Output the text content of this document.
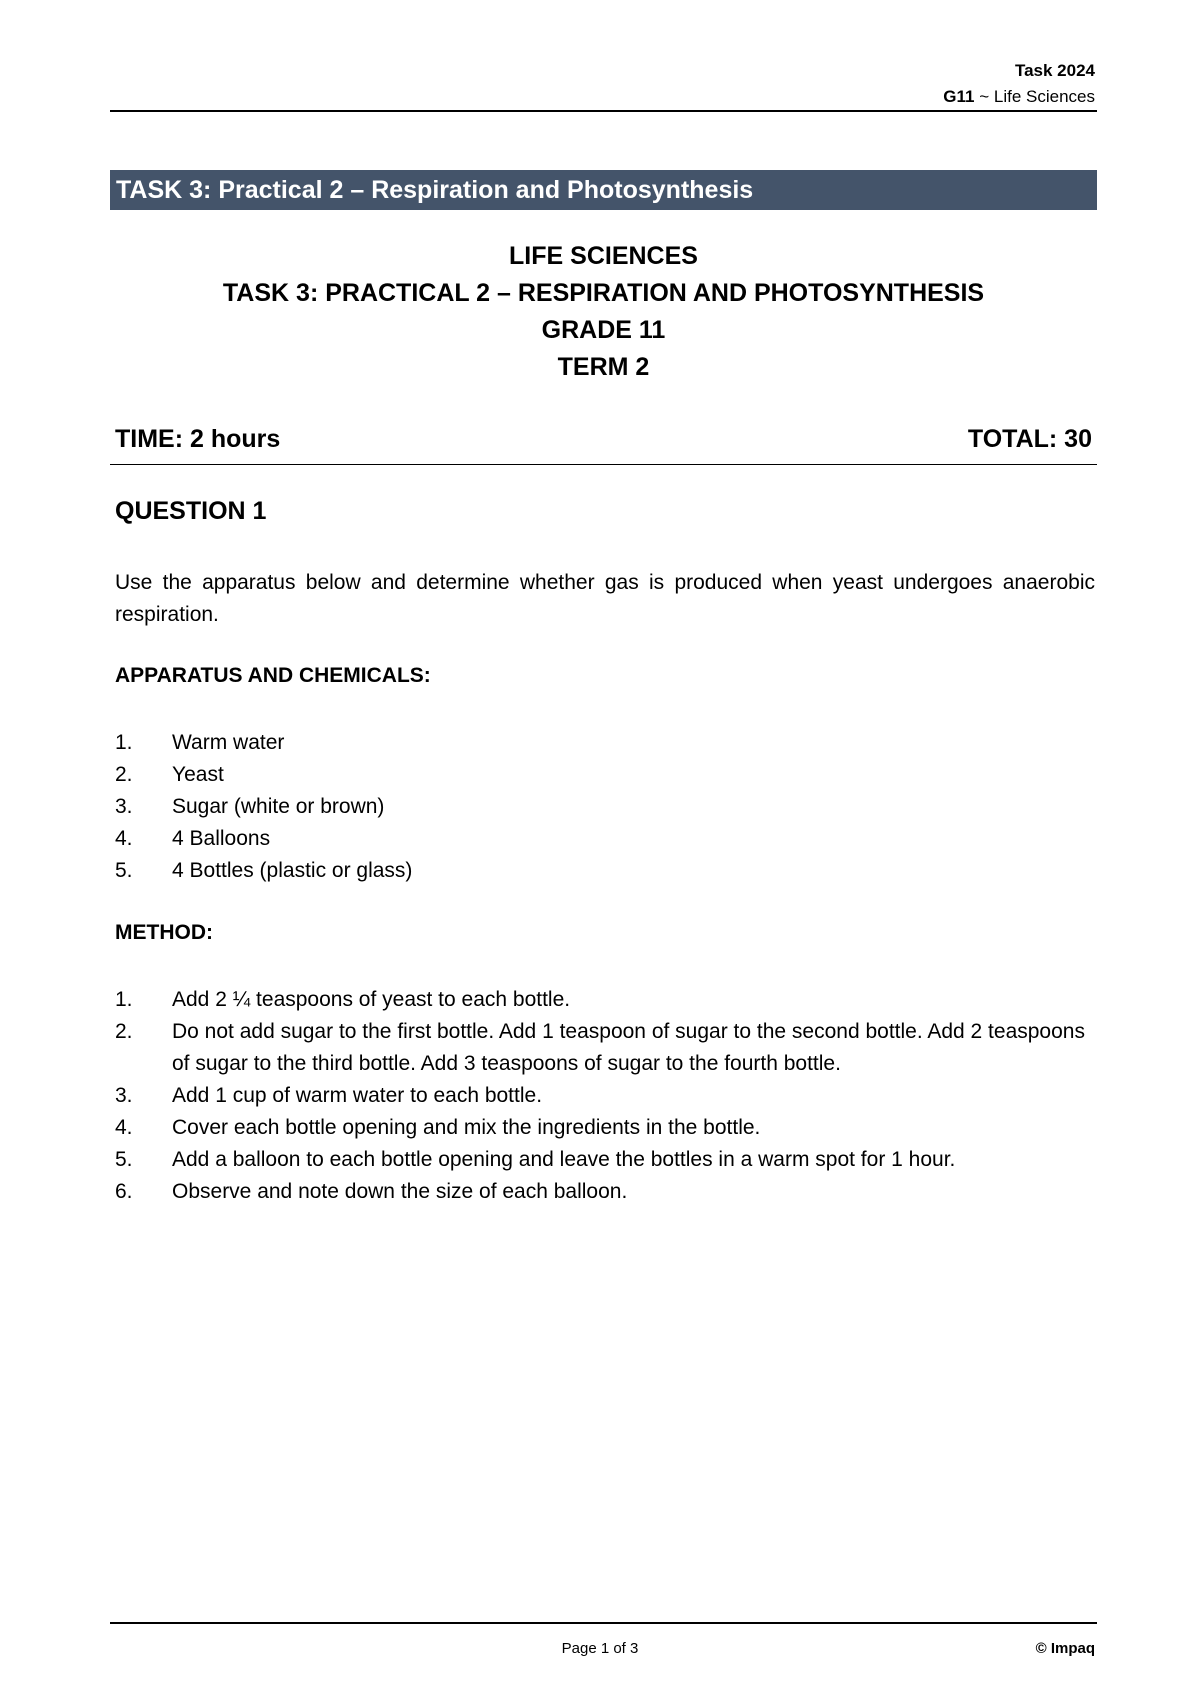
Task 2024
G11 ~ Life Sciences
TASK 3: Practical 2 – Respiration and Photosynthesis
LIFE SCIENCES
TASK 3: PRACTICAL 2 – RESPIRATION AND PHOTOSYNTHESIS
GRADE 11
TERM 2
TIME: 2 hours	TOTAL: 30
QUESTION 1
Use the apparatus below and determine whether gas is produced when yeast undergoes anaerobic respiration.
APPARATUS AND CHEMICALS:
1. Warm water
2. Yeast
3. Sugar (white or brown)
4. 4 Balloons
5. 4 Bottles (plastic or glass)
METHOD:
1. Add 2 ¼ teaspoons of yeast to each bottle.
2. Do not add sugar to the first bottle. Add 1 teaspoon of sugar to the second bottle. Add 2 teaspoons of sugar to the third bottle. Add 3 teaspoons of sugar to the fourth bottle.
3. Add 1 cup of warm water to each bottle.
4. Cover each bottle opening and mix the ingredients in the bottle.
5. Add a balloon to each bottle opening and leave the bottles in a warm spot for 1 hour.
6. Observe and note down the size of each balloon.
Page 1 of 3	© Impaq
